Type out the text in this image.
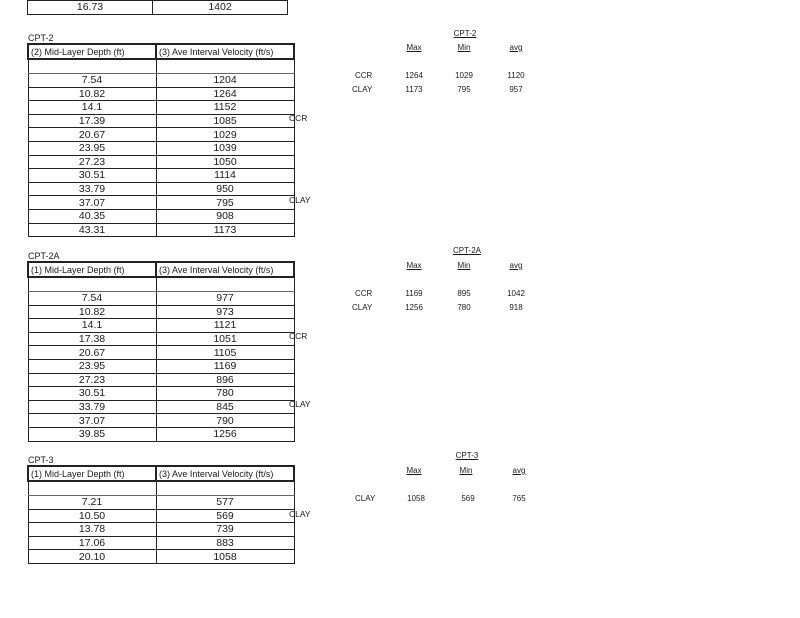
16.73	1402
CPT-2
(2) Mid-Layer Depth (ft)	(3) Ave Interval Velocity (ft/s)

7.54	1204
10.82	1264
14.1	1152
17.39	1085
20.67	1029
23.95	1039
27.23	1050
30.51	1114
33.79	950
37.07	795
40.35	908
43.31	1173
CCR
CLAY
CPT-2
Max	Min	avg
CCR	1264	1029	1120
CLAY	1173	795	957
CPT-2A
(1) Mid-Layer Depth (ft)	(3) Ave Interval Velocity (ft/s)

7.54	977
10.82	973
14.1	1121
17.38	1051
20.67	1105
23.95	1169
27.23	896
30.51	780
33.79	845
37.07	790
39.85	1256
CCR
CLAY
CPT-2A
Max	Min	avg
CCR	1169	895	1042
CLAY	1256	780	918
CPT-3
(1) Mid-Layer Depth (ft)	(3) Ave Interval Velocity (ft/s)

7.21	577
10.50	569
13.78	739
17.06	883
20.10	1058
CLAY
CPT-3
Max	Min	avg
CLAY	1058	569	765
